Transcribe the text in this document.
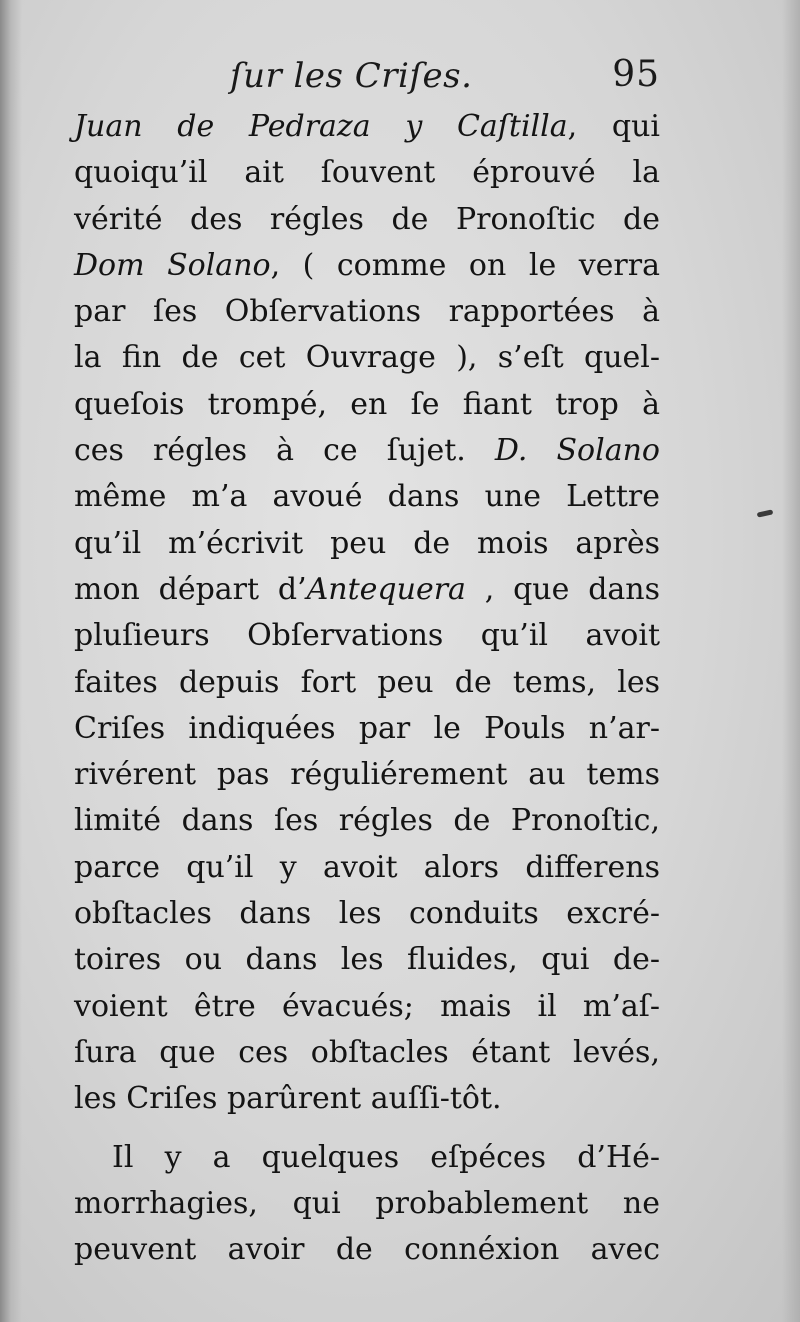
ſur les Criſes.	95
Juan de Pedraza y Caſtilla, qui
quoiqu’il ait ſouvent éprouvé la
vérité des régles de Pronoſtic de
Dom Solano, ( comme on le verra
par ſes Obſervations rapportées à
la fin de cet Ouvrage ), s’eſt quel-
queſois trompé, en ſe fiant trop à
ces régles à ce ſujet. D. Solano
même m’a avoué dans une Lettre
qu’il m’écrivit peu de mois après
mon départ d’Antequera , que dans
pluſieurs Obſervations qu’il avoit
faites depuis fort peu de tems, les
Criſes indiquées par le Pouls n’ar-
rivérent pas réguliérement au tems
limité dans ſes régles de Pronoſtic,
parce qu’il y avoit alors differens
obſtacles dans les conduits excré-
toires ou dans les fluides, qui de-
voient être évacués; mais il m’aſ-
ſura que ces obſtacles étant levés,
les Criſes parûrent auſſi-tôt.
Il y a quelques eſpéces d’Hé-
morrhagies, qui probablement ne
peuvent avoir de connéxion avec
